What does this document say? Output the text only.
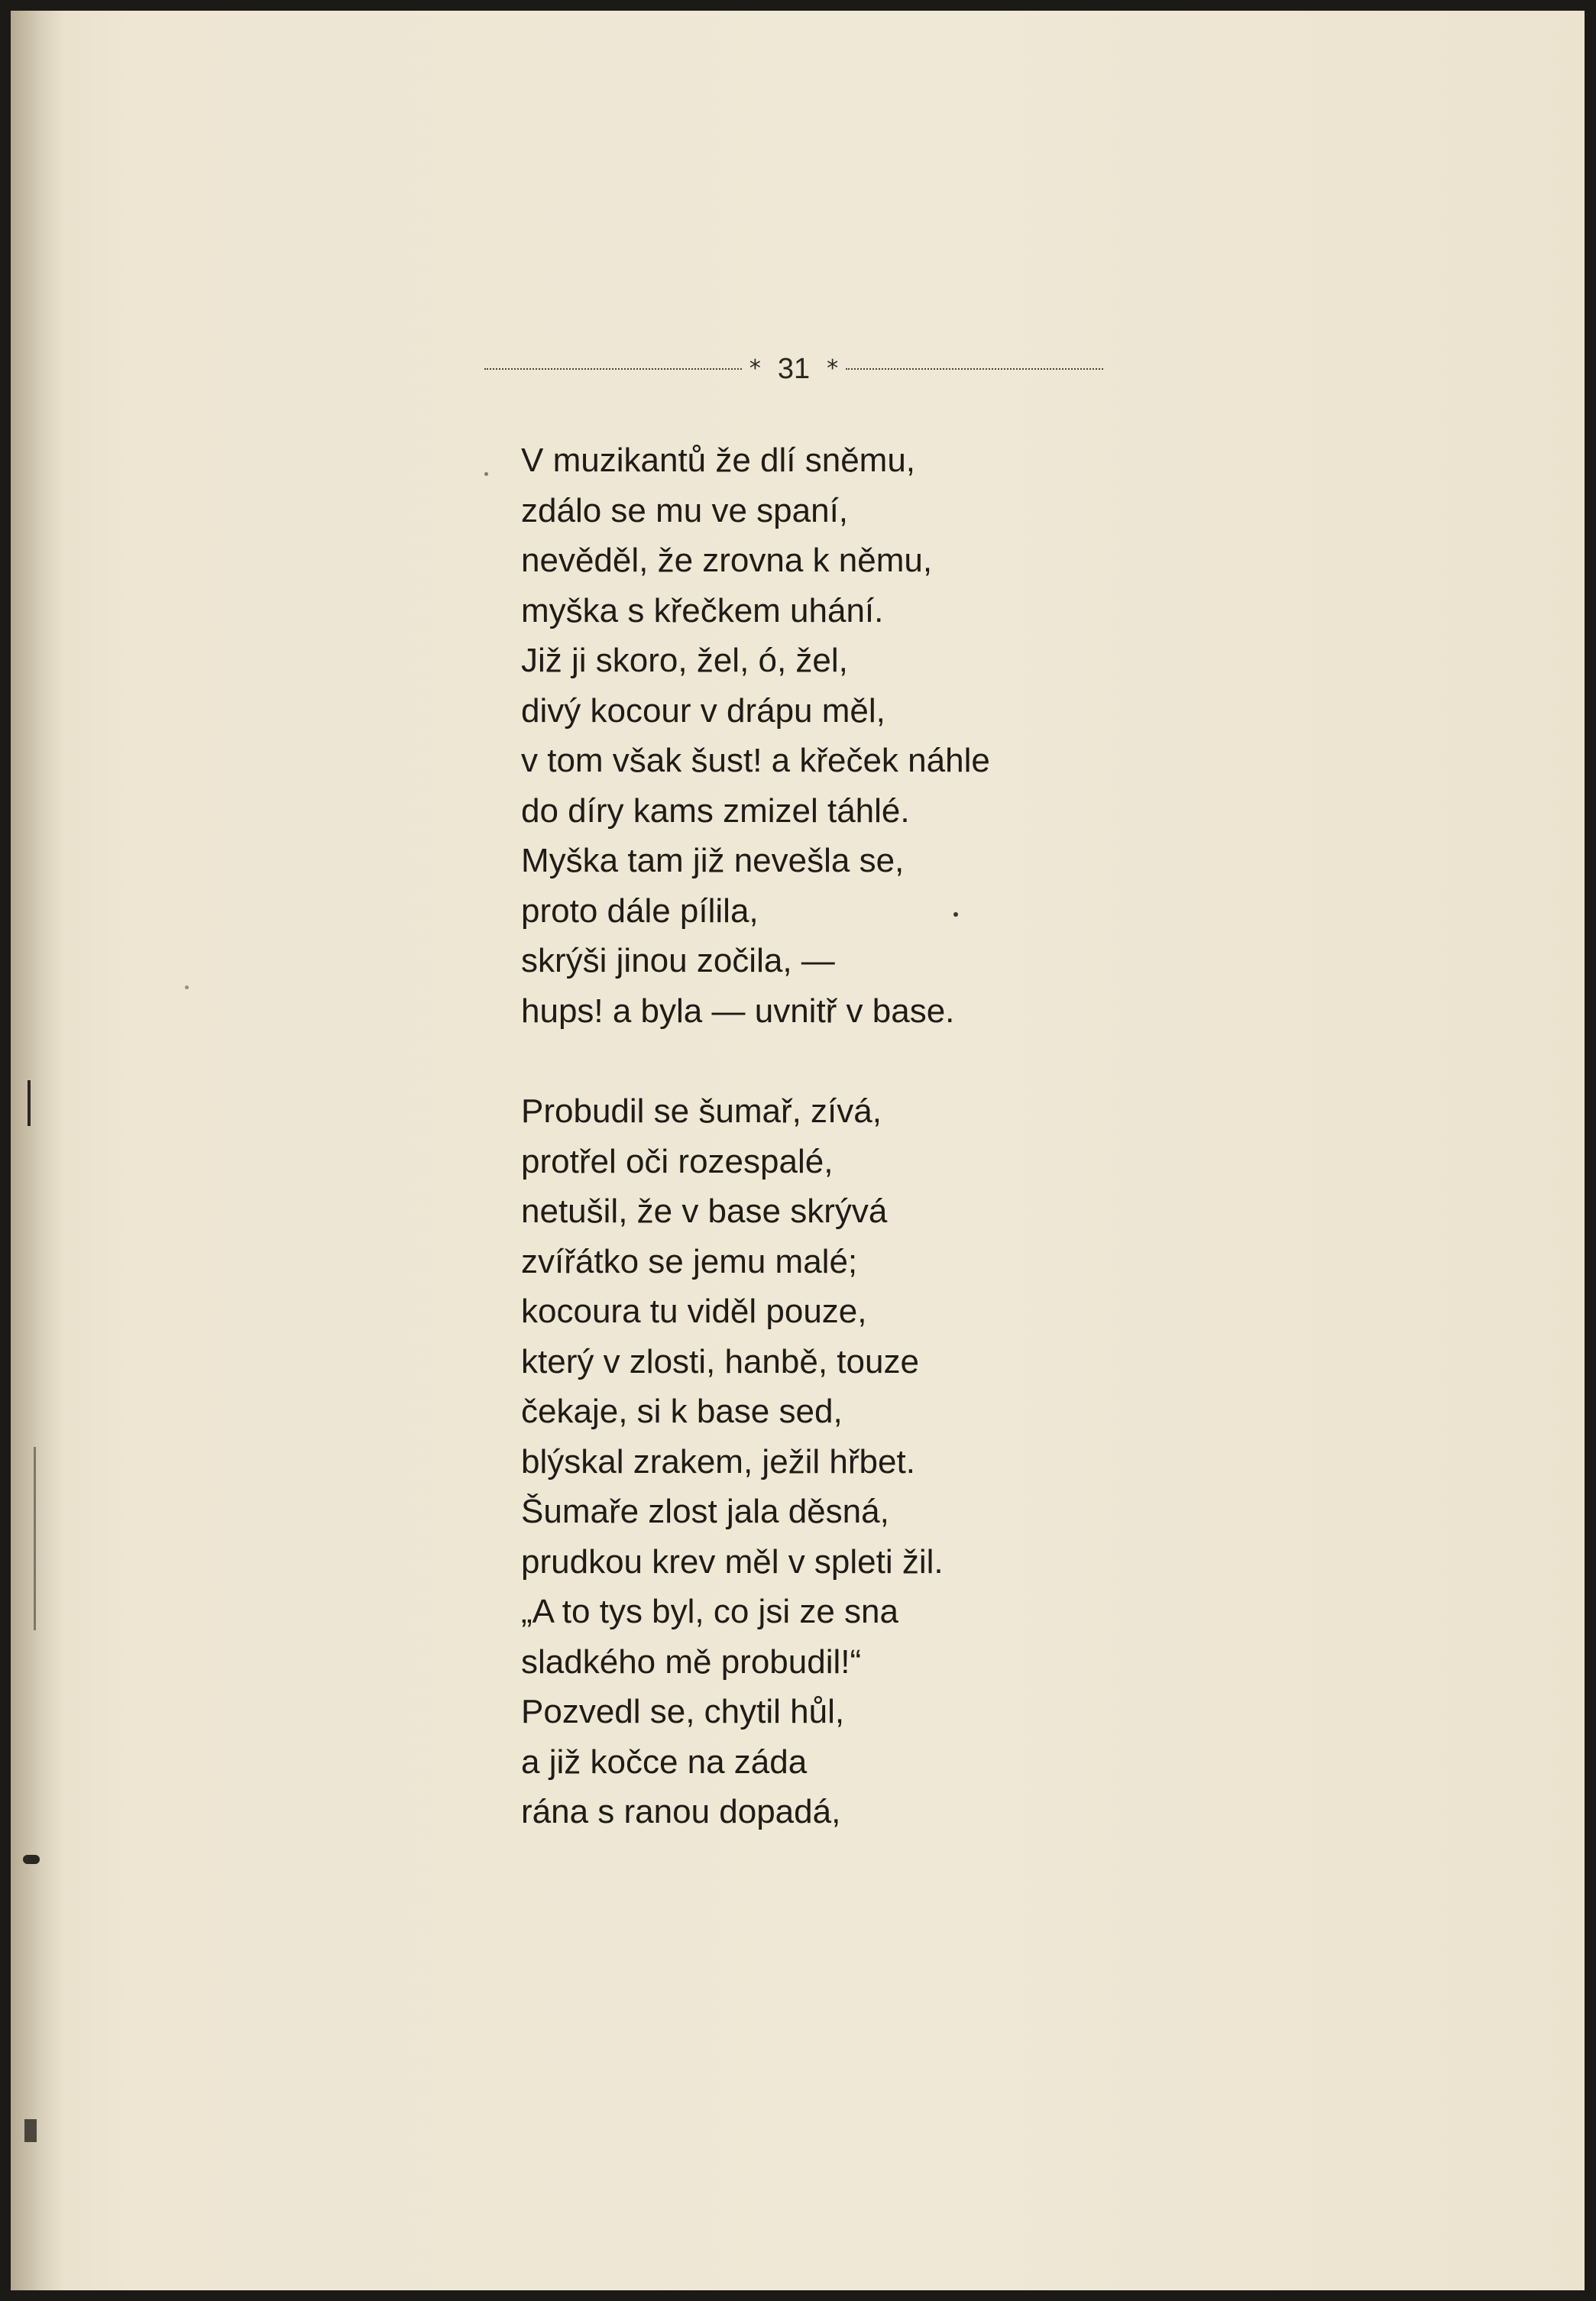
* 31 *
V muzikantů že dlí sněmu,
zdálo se mu ve spaní,
nevěděl, že zrovna k němu,
myška s křečkem uhání.
Již ji skoro, žel, ó, žel,
divý kocour v drápu měl,
v tom však šust! a křeček náhle
do díry kams zmizel táhlé.
Myška tam již nevešla se,
proto dále pílila,
skrýši jinou zočila, —
hups! a byla — uvnitř v base.
Probudil se šumař, zívá,
protřel oči rozespalé,
netušil, že v base skrývá
zvířátko se jemu malé;
kocoura tu viděl pouze,
který v zlosti, hanbě, touze
čekaje, si k base sed,
blýskal zrakem, ježil hřbet.
Šumaře zlost jala děsná,
prudkou krev měl v spleti žil.
„A to tys byl, co jsi ze sna
sladkého mě probudil!“
Pozvedl se, chytil hůl,
a již kočce na záda
rána s ranou dopadá,
